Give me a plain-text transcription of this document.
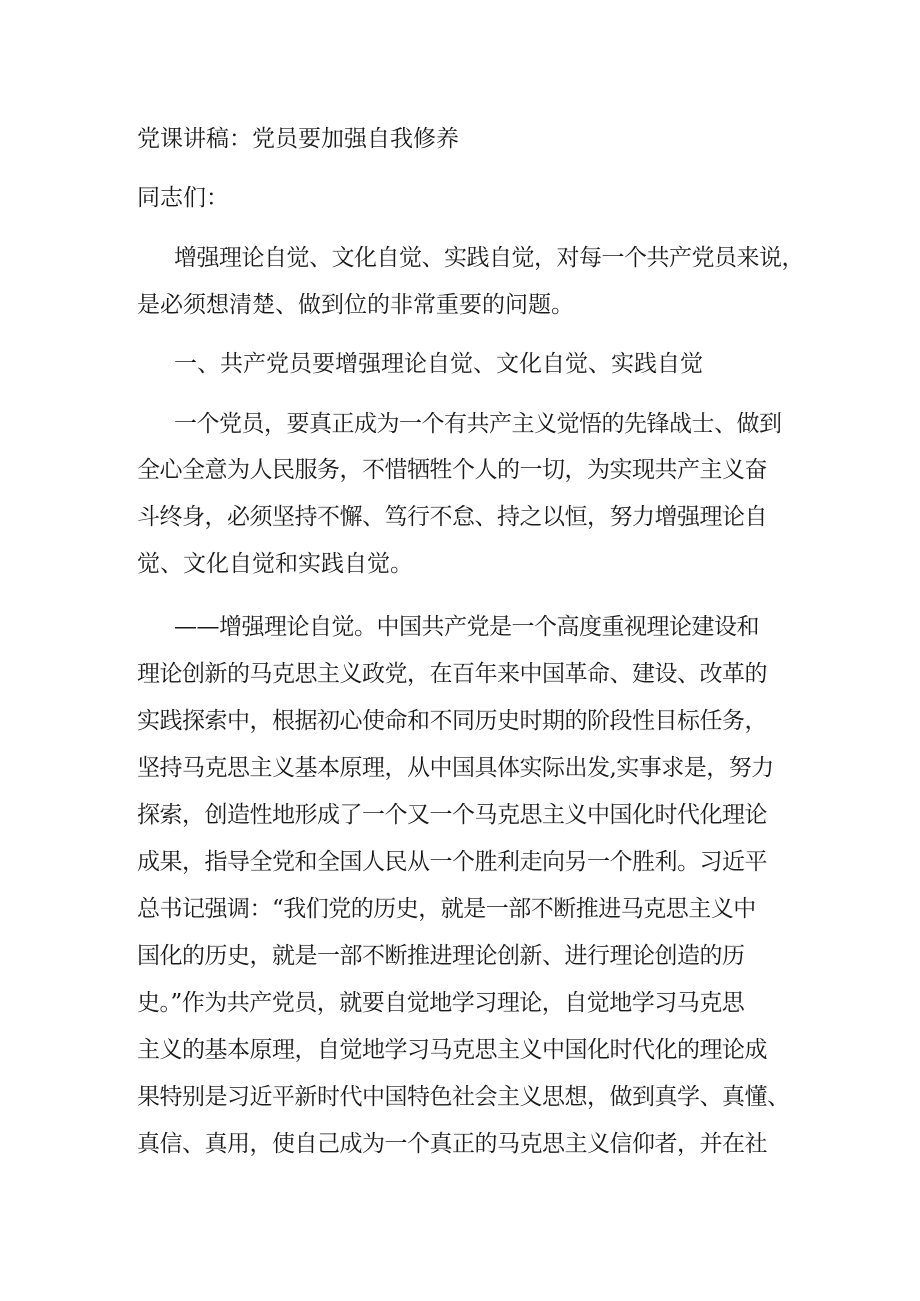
党课讲稿：党员要加强自我修养
同志们：
增强理论自觉、文化自觉、实践自觉，对每一个共产党员来说，
是必须想清楚、做到位的非常重要的问题。
一、共产党员要增强理论自觉、文化自觉、实践自觉
一个党员，要真正成为一个有共产主义觉悟的先锋战士、做到
全心全意为人民服务，不惜牺牲个人的一切，为实现共产主义奋
斗终身，必须坚持不懈、笃行不怠、持之以恒，努力增强理论自
觉、文化自觉和实践自觉。
——增强理论自觉。中国共产党是一个高度重视理论建设和
理论创新的马克思主义政党，在百年来中国革命、建设、改革的
实践探索中，根据初心使命和不同历史时期的阶段性目标任务，
坚持马克思主义基本原理，从中国具体实际出发,实事求是，努力
探索，创造性地形成了一个又一个马克思主义中国化时代化理论
成果，指导全党和全国人民从一个胜利走向另一个胜利。习近平
总书记强调：“我们党的历史，就是一部不断推进马克思主义中
国化的历史，就是一部不断推进理论创新、进行理论创造的历
史。”作为共产党员，就要自觉地学习理论，自觉地学习马克思
主义的基本原理，自觉地学习马克思主义中国化时代化的理论成
果特别是习近平新时代中国特色社会主义思想，做到真学、真懂、
真信、真用，使自己成为一个真正的马克思主义信仰者，并在社
